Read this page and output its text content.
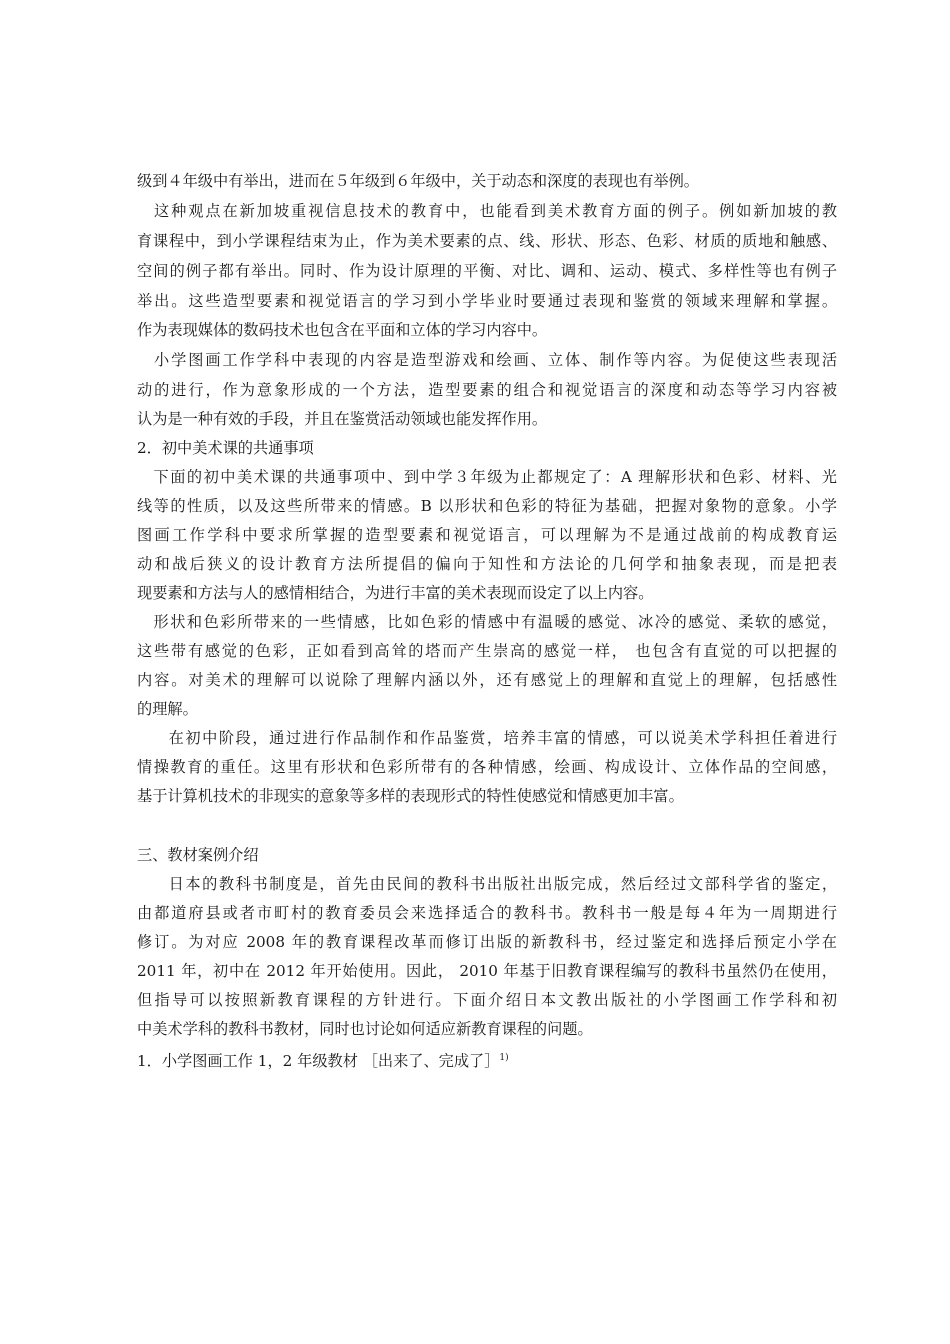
级到４年级中有举出，进而在５年级到６年级中，关于动态和深度的表现也有举例。
这种观点在新加坡重视信息技术的教育中，也能看到美术教育方面的例子。例如新加坡的教
育课程中，到小学课程结束为止，作为美术要素的点、线、形状、形态、色彩、材质的质地和触感、
空间的例子都有举出。同时、作为设计原理的平衡、对比、调和、运动、模式、多样性等也有例子
举出。这些造型要素和视觉语言的学习到小学毕业时要通过表现和鉴赏的领域来理解和掌握。
作为表现媒体的数码技术也包含在平面和立体的学习内容中。
小学图画工作学科中表现的内容是造型游戏和绘画、立体、制作等内容。为促使这些表现活
动的进行，作为意象形成的一个方法，造型要素的组合和视觉语言的深度和动态等学习内容被
认为是一种有效的手段，并且在鉴赏活动领域也能发挥作用。
2．初中美术课的共通事项
下面的初中美术课的共通事项中、到中学３年级为止都规定了：A 理解形状和色彩、材料、光
线等的性质，以及这些所带来的情感。B 以形状和色彩的特征为基础，把握对象物的意象。小学
图画工作学科中要求所掌握的造型要素和视觉语言，可以理解为不是通过战前的构成教育运
动和战后狭义的设计教育方法所提倡的偏向于知性和方法论的几何学和抽象表现，而是把表
现要素和方法与人的感情相结合，为进行丰富的美术表现而设定了以上内容。
形状和色彩所带来的一些情感，比如色彩的情感中有温暖的感觉、冰冷的感觉、柔软的感觉，
这些带有感觉的色彩，正如看到高耸的塔而产生崇高的感觉一样， 也包含有直觉的可以把握的
内容。对美术的理解可以说除了理解内涵以外，还有感觉上的理解和直觉上的理解，包括感性
的理解。
在初中阶段，通过进行作品制作和作品鉴赏，培养丰富的情感，可以说美术学科担任着进行
情操教育的重任。这里有形状和色彩所带有的各种情感，绘画、构成设计、立体作品的空间感，
基于计算机技术的非现实的意象等多样的表现形式的特性使感觉和情感更加丰富。
三、教材案例介绍
日本的教科书制度是，首先由民间的教科书出版社出版完成，然后经过文部科学省的鉴定，
由都道府县或者市町村的教育委员会来选择适合的教科书。教科书一般是每４年为一周期进行
修订。为对应 2008 年的教育课程改革而修订出版的新教科书，经过鉴定和选择后预定小学在
2011 年，初中在 2012 年开始使用。因此， 2010 年基于旧教育课程编写的教科书虽然仍在使用，
但指导可以按照新教育课程的方针进行。下面介绍日本文教出版社的小学图画工作学科和初
中美术学科的教科书教材，同时也讨论如何适应新教育课程的问题。
1．小学图画工作 1，2 年级教材 ［出来了、完成了］$^{1)}$
